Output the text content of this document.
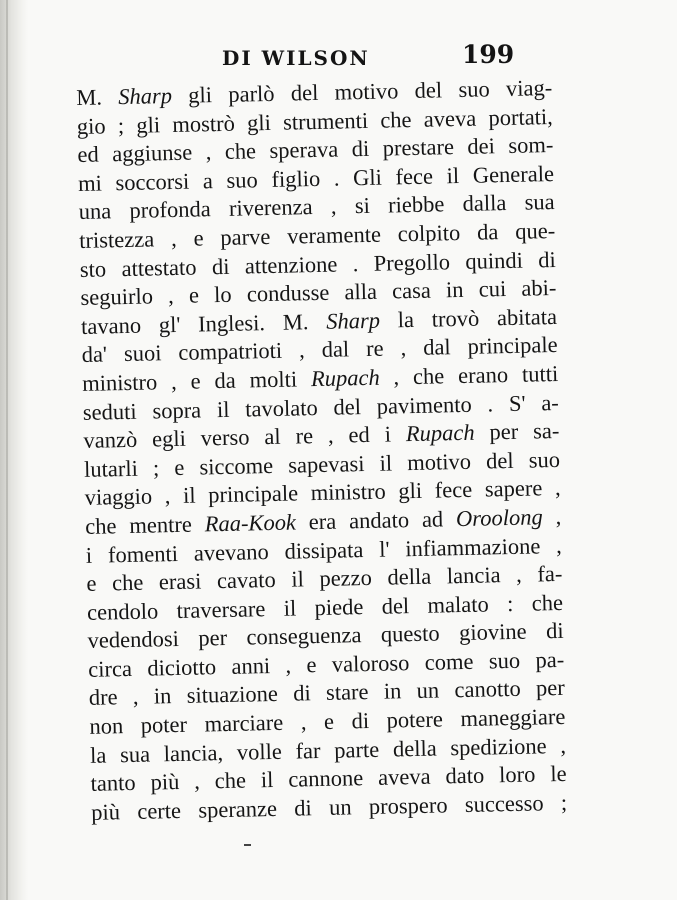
DI WILSON	199
M. Sharp gli parlò del motivo del suo viag-
gio ; gli mostrò gli strumenti che aveva portati,
ed aggiunse , che sperava di prestare dei som-
mi soccorsi a suo figlio . Gli fece il Generale
una profonda riverenza , si riebbe dalla sua
tristezza , e parve veramente colpito da que-
sto attestato di attenzione . Pregollo quindi di
seguirlo , e lo condusse alla casa in cui abi-
tavano gl' Inglesi. M. Sharp la trovò abitata
da' suoi compatrioti , dal re , dal principale
ministro , e da molti Rupach , che erano tutti
seduti sopra il tavolato del pavimento . S' a-
vanzò egli verso al re , ed i Rupach per sa-
lutarli ; e siccome sapevasi il motivo del suo
viaggio , il principale ministro gli fece sapere ,
che mentre Raa-Kook era andato ad Oroolong ,
i fomenti avevano dissipata l' infiammazione ,
e che erasi cavato il pezzo della lancia , fa-
cendolo traversare il piede del malato : che
vedendosi per conseguenza questo giovine di
circa diciotto anni , e valoroso come suo pa-
dre , in situazione di stare in un canotto per
non poter marciare , e di potere maneggiare
la sua lancia, volle far parte della spedizione ,
tanto più , che il cannone aveva dato loro le
più certe speranze di un prospero successo ;
